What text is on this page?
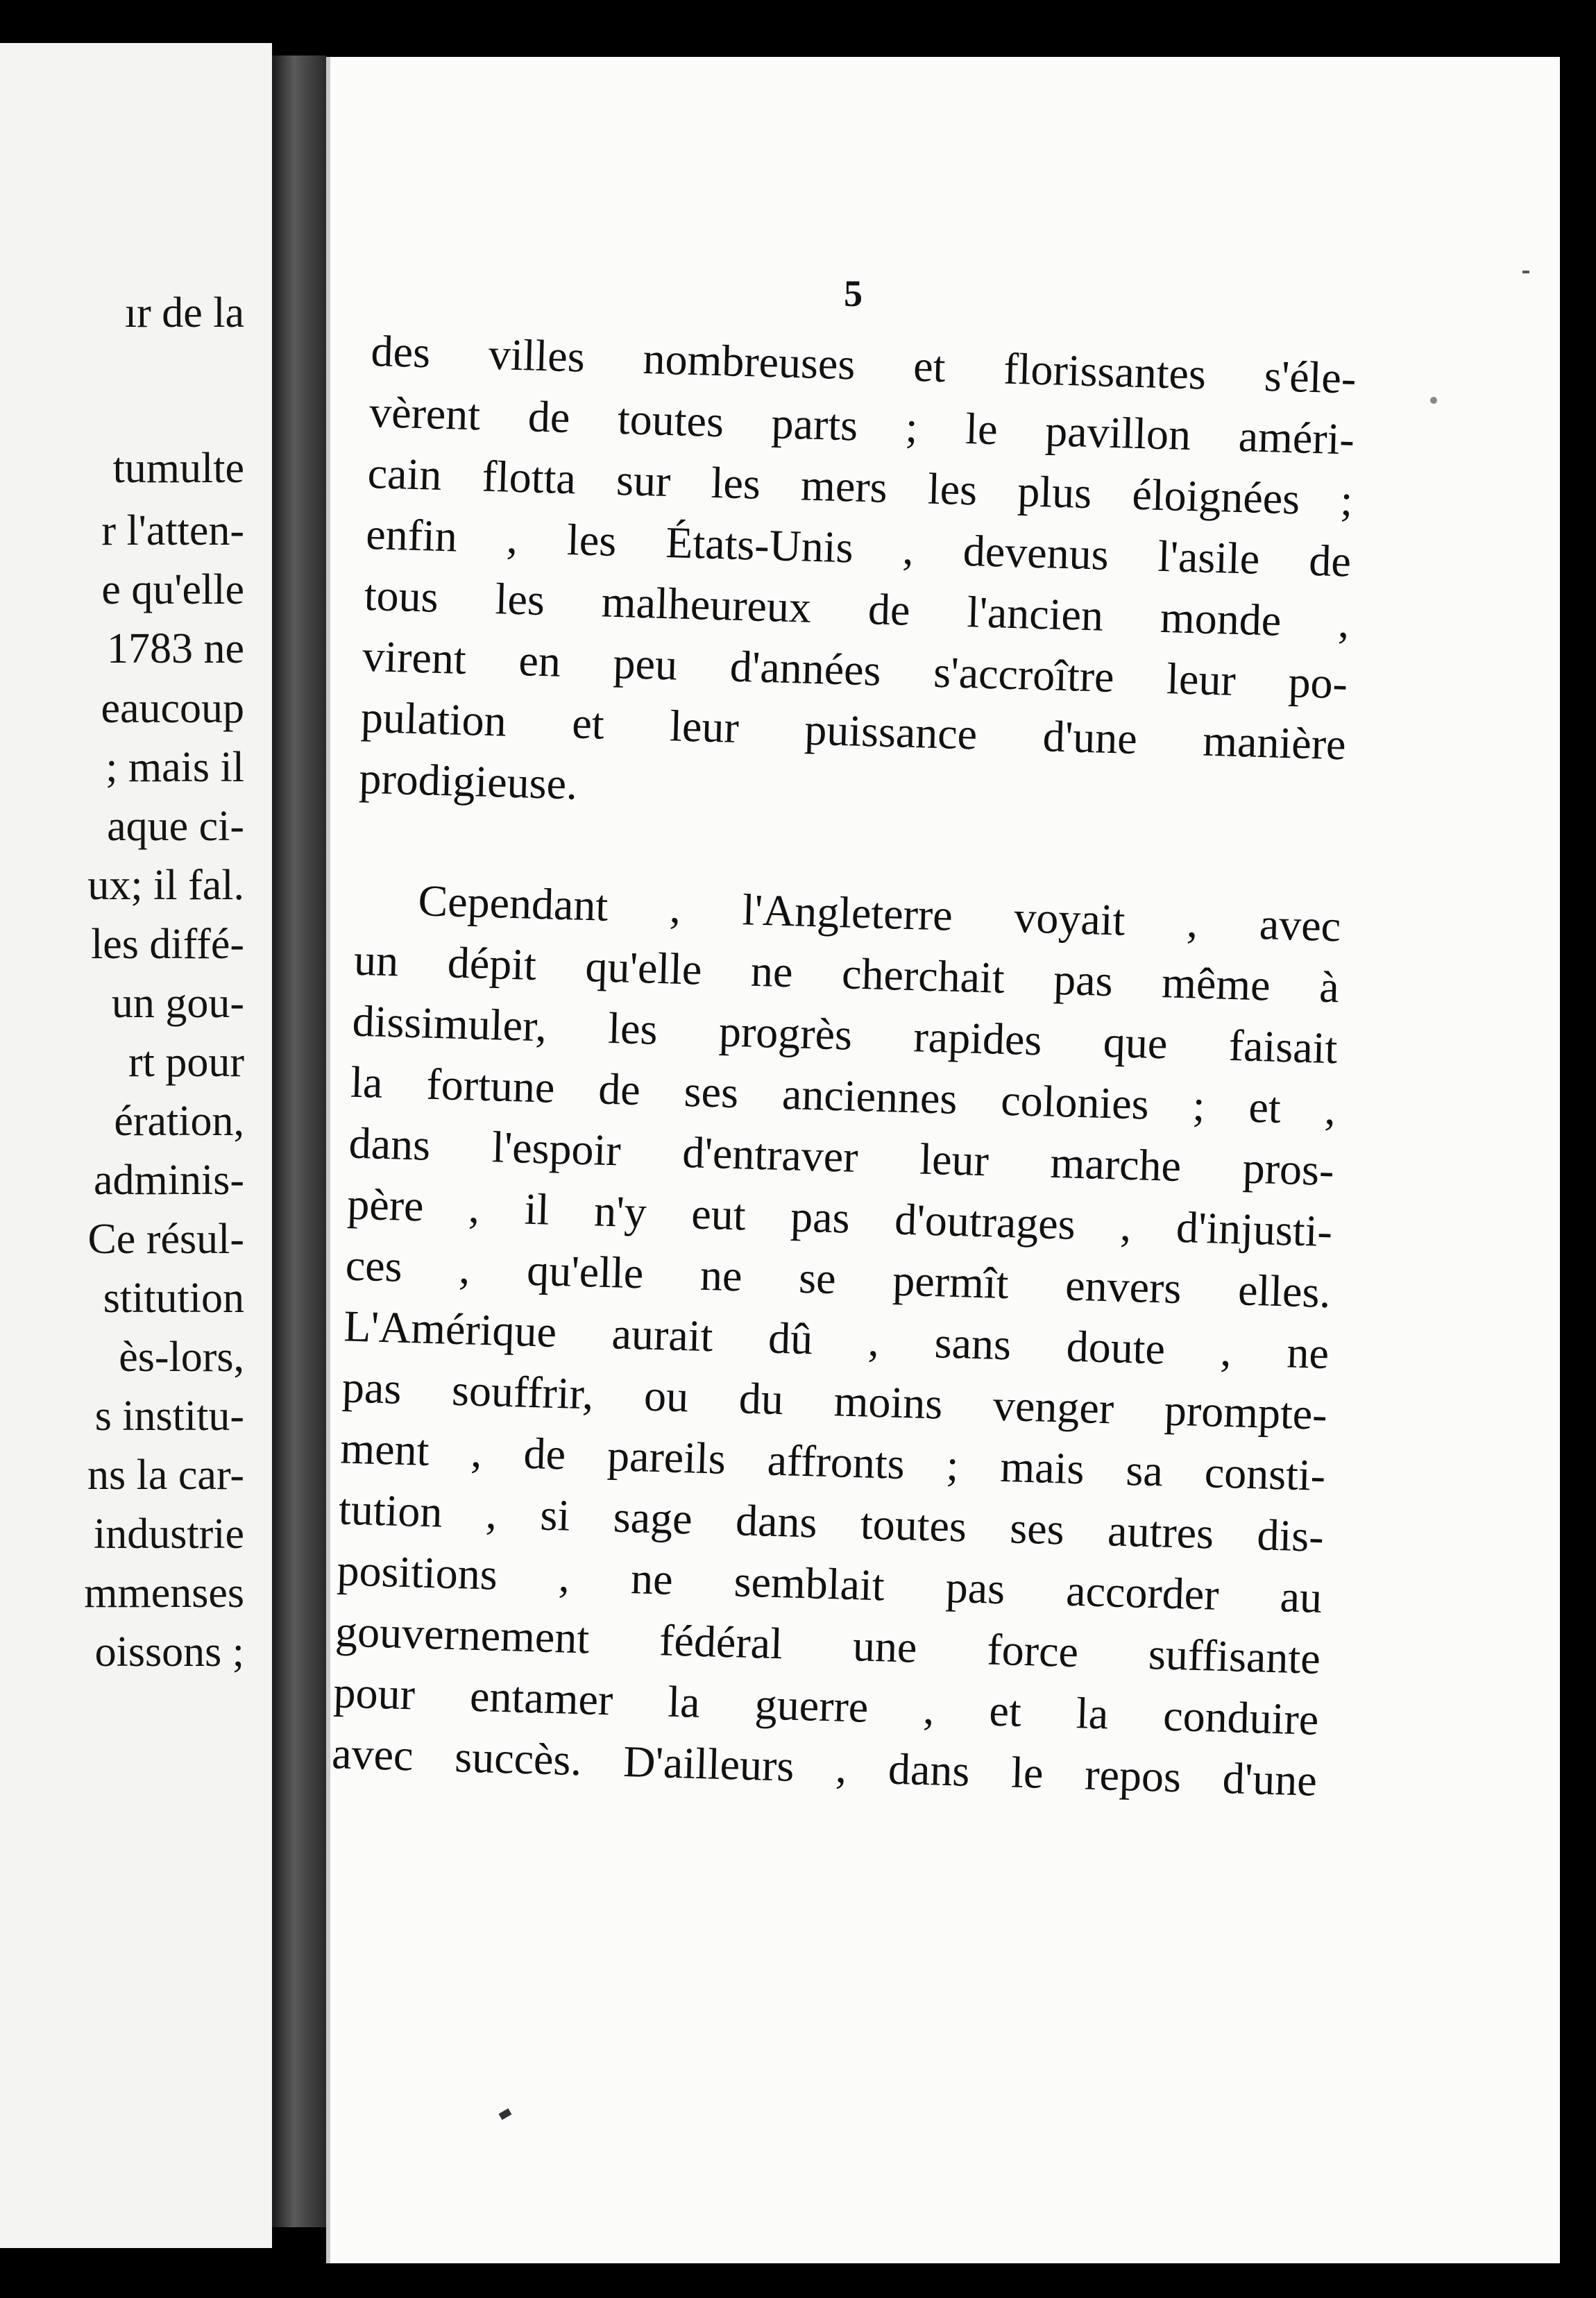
ır de la
tumulte
r l'atten-
e qu'elle
1783 ne
eaucoup
; mais il
aque ci-
ux; il fal.
les diffé-
un gou-
rt pour
ération,
adminis-
Ce résul-
stitution
ès-lors,
s institu-
ns la car-
industrie
mmenses
oissons ;
5
des villes nombreuses et florissantes s'éle-
vèrent de toutes parts ; le pavillon améri-
cain flotta sur les mers les plus éloignées ;
enfin , les États-Unis , devenus l'asile de
tous les malheureux de l'ancien monde ,
virent en peu d'années s'accroître leur po-
pulation et leur puissance d'une manière
prodigieuse.
Cependant , l'Angleterre voyait , avec
un dépit qu'elle ne cherchait pas même à
dissimuler, les progrès rapides que faisait
la fortune de ses anciennes colonies ; et ,
dans l'espoir d'entraver leur marche pros-
père , il n'y eut pas d'outrages , d'injusti-
ces , qu'elle ne se permît envers elles.
L'Amérique aurait dû , sans doute , ne
pas souffrir, ou du moins venger prompte-
ment , de pareils affronts ; mais sa consti-
tution , si sage dans toutes ses autres dis-
positions , ne semblait pas accorder au
gouvernement fédéral une force suffisante
pour entamer la guerre , et la conduire
avec succès. D'ailleurs , dans le repos d'une
